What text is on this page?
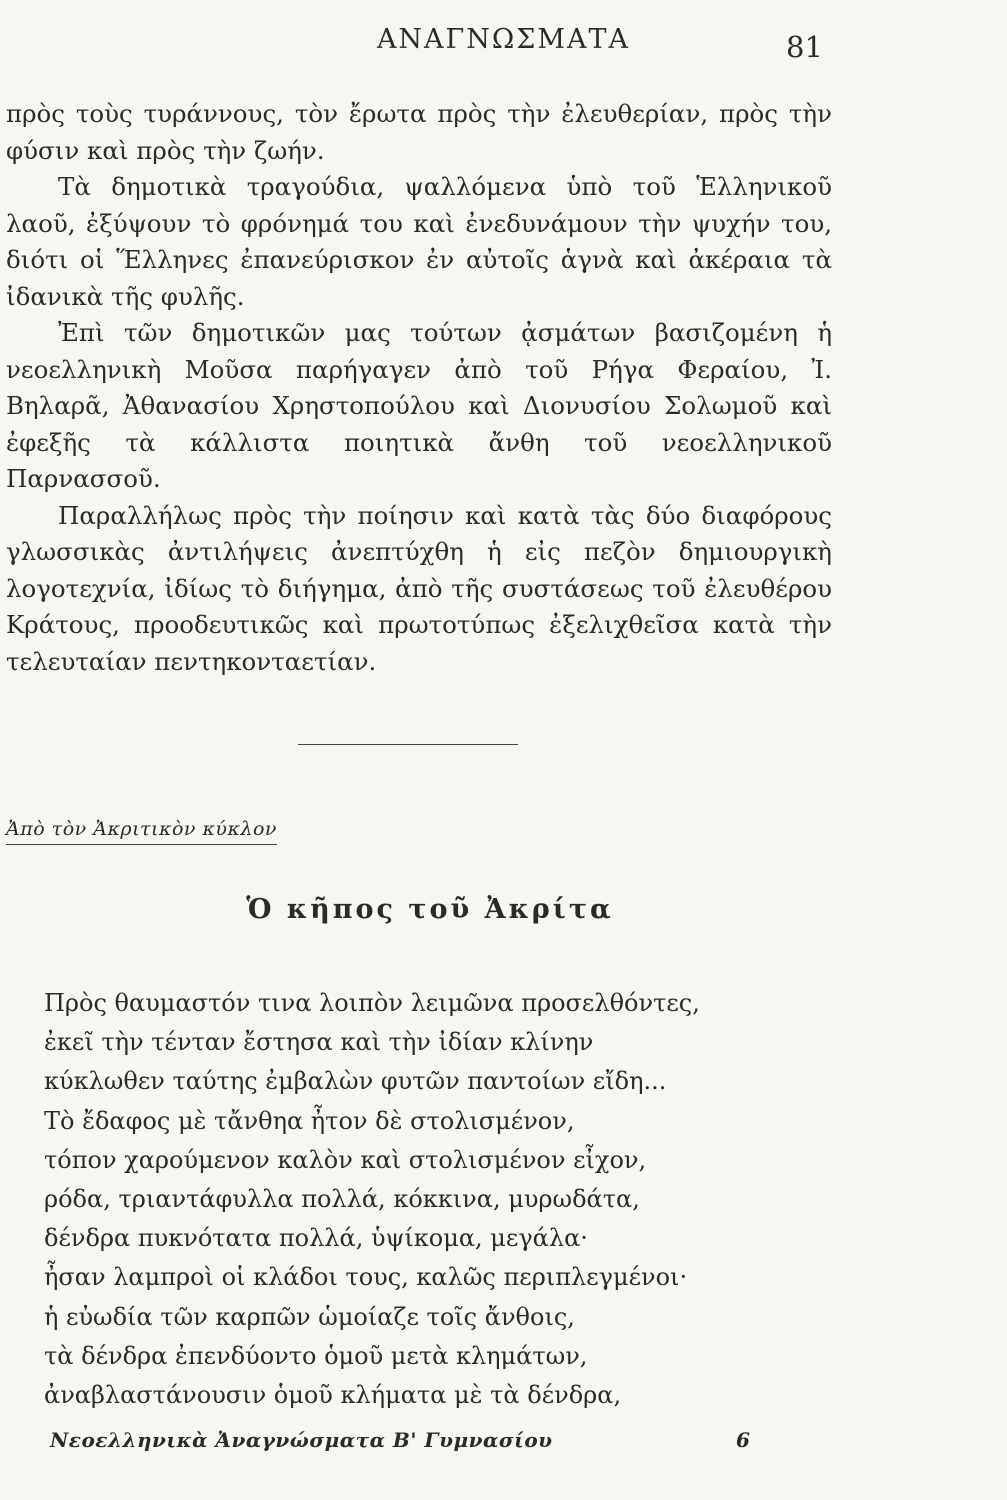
ΑΝΑΓΝΩΣΜΑΤΑ	81

πρὸς τοὺς τυράννους, τὸν ἔρωτα πρὸς τὴν ἐλευθερίαν, πρὸς τὴν φύσιν καὶ πρὸς τὴν ζωήν.

Τὰ δημοτικὰ τραγούδια, ψαλλόμενα ὑπὸ τοῦ Ἑλληνικοῦ λαοῦ, ἐξύψουν τὸ φρόνημά του καὶ ἐνεδυνάμουν τὴν ψυχήν του, διότι οἱ Ἕλληνες ἐπανεύρισκον ἐν αὐτοῖς ἁγνὰ καὶ ἀκέραια τὰ ἰδανικὰ τῆς φυλῆς.

Ἐπὶ τῶν δημοτικῶν μας τούτων ᾀσμάτων βασιζομένη ἡ νεοελληνικὴ Μοῦσα παρήγαγεν ἀπὸ τοῦ Ρήγα Φεραίου, Ἰ. Βηλαρᾶ, Ἀθανασίου Χρηστοπούλου καὶ Διονυσίου Σολωμοῦ καὶ ἐφεξῆς τὰ κάλλιστα ποιητικὰ ἄνθη τοῦ νεοελληνικοῦ Παρνασσοῦ.

Παραλλήλως πρὸς τὴν ποίησιν καὶ κατὰ τὰς δύο διαφόρους γλωσσικὰς ἀντιλήψεις ἀνεπτύχθη ἡ εἰς πεζὸν δημιουργικὴ λογοτεχνία, ἰδίως τὸ διήγημα, ἀπὸ τῆς συστάσεως τοῦ ἐλευθέρου Κράτους, προοδευτικῶς καὶ πρωτοτύπως ἐξελιχθεῖσα κατὰ τὴν τελευταίαν πεντηκονταετίαν.

Ἀπὸ τὸν Ἀκριτικὸν κύκλον
Ὁ κῆπος τοῦ Ἀκρίτα
Πρὸς θαυμαστόν τινα λοιπὸν λειμῶνα προσελθόντες,
ἐκεῖ τὴν τένταν ἔστησα καὶ τὴν ἰδίαν κλίνην
κύκλωθεν ταύτης ἐμβαλὼν φυτῶν παντοίων εἴδη...
Τὸ ἔδαφος μὲ τἄνθηα ἦτον δὲ στολισμένον,
τόπον χαρούμενον καλὸν καὶ στολισμένον εἶχον,
ρόδα, τριαντάφυλλα πολλά, κόκκινα, μυρωδάτα,
δένδρα πυκνότατα πολλά, ὑψίκομα, μεγάλα·
ἦσαν λαμπροὶ οἱ κλάδοι τους, καλῶς περιπλεγμένοι·
ἡ εὐωδία τῶν καρπῶν ὡμοίαζε τοῖς ἄνθοις,
τὰ δένδρα ἐπενδύοντο ὁμοῦ μετὰ κλημάτων,
ἀναβλαστάνουσιν ὁμοῦ κλήματα μὲ τὰ δένδρα,
Νεοελληνικὰ Ἀναγνώσματα Β' Γυμνασίου	6
